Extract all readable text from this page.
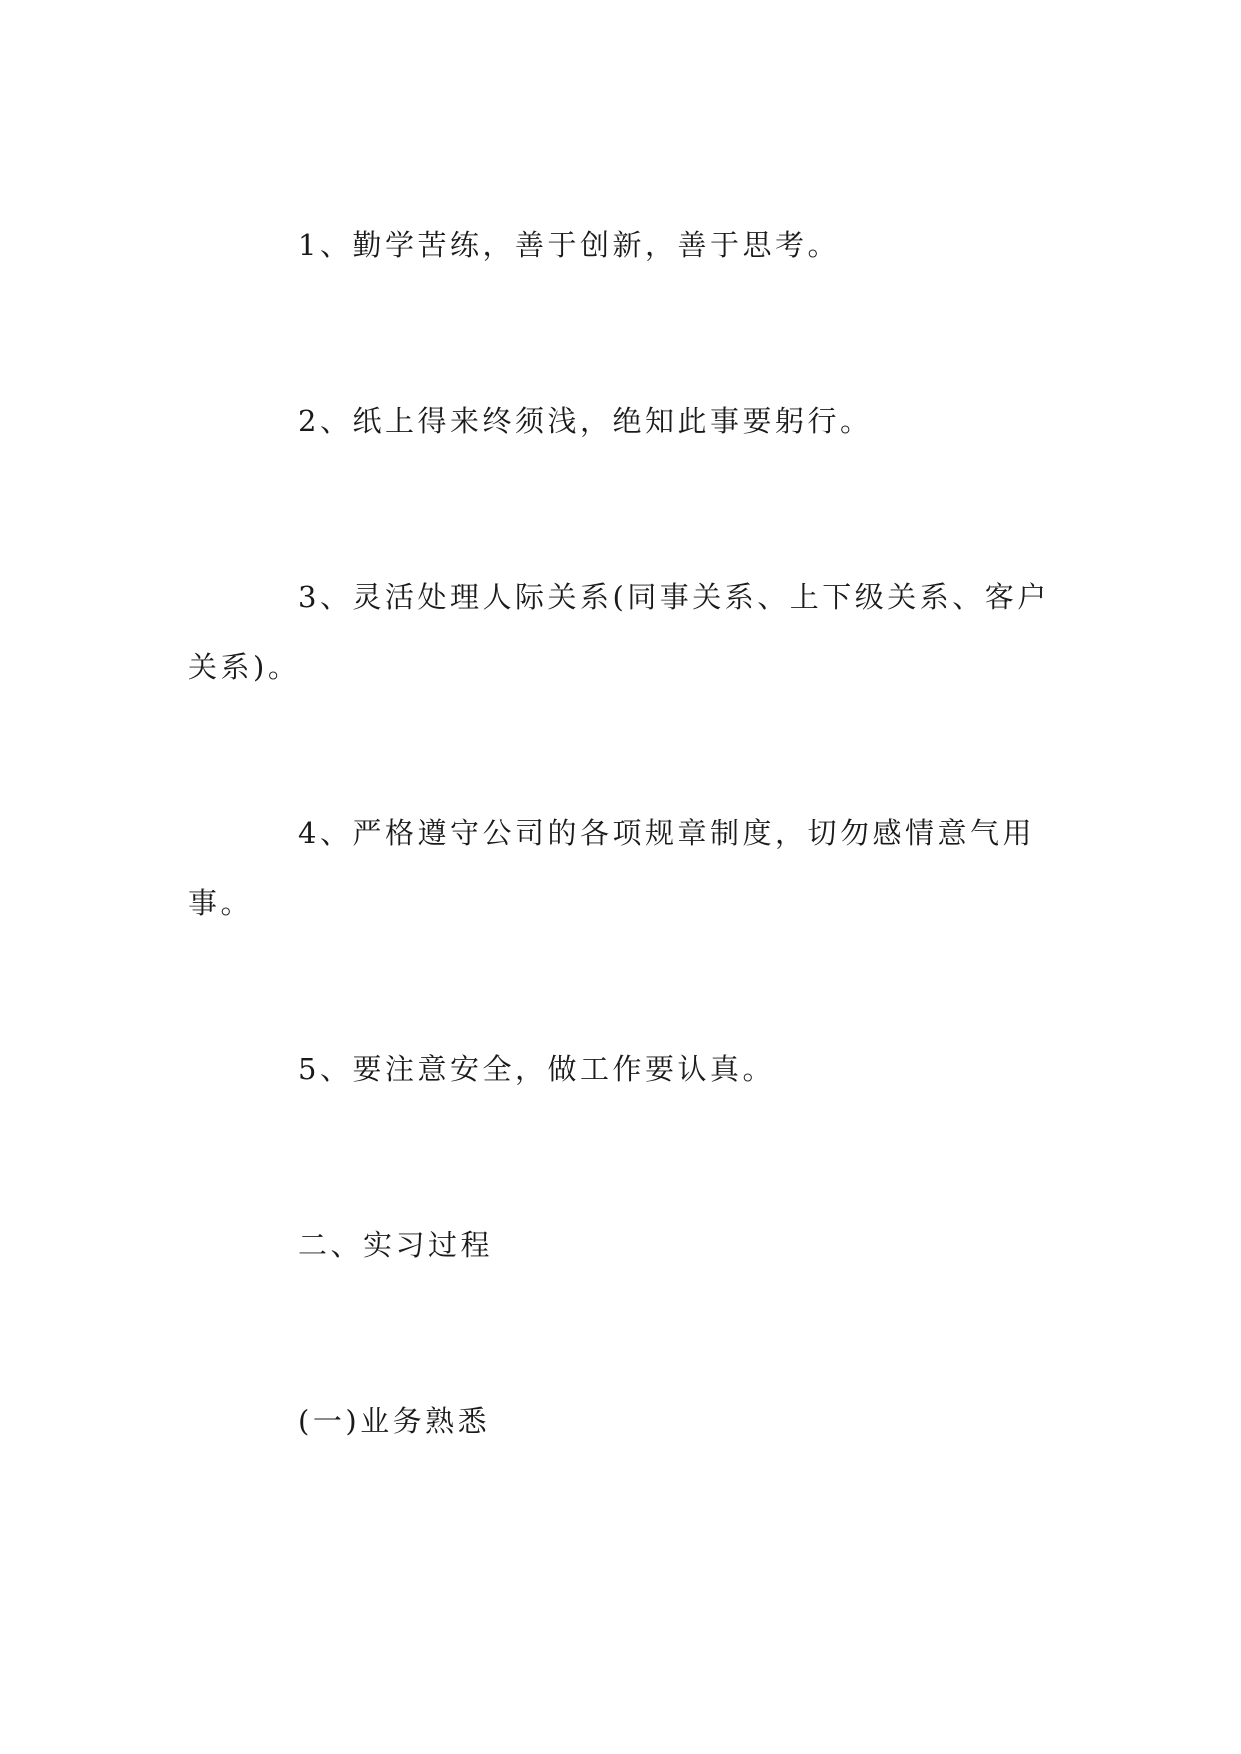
1、勤学苦练，善于创新，善于思考。

2、纸上得来终须浅，绝知此事要躬行。

3、灵活处理人际关系(同事关系、上下级关系、客户关系)。

4、严格遵守公司的各项规章制度，切勿感情意气用事。

5、要注意安全，做工作要认真。

二、实习过程

(一)业务熟悉
